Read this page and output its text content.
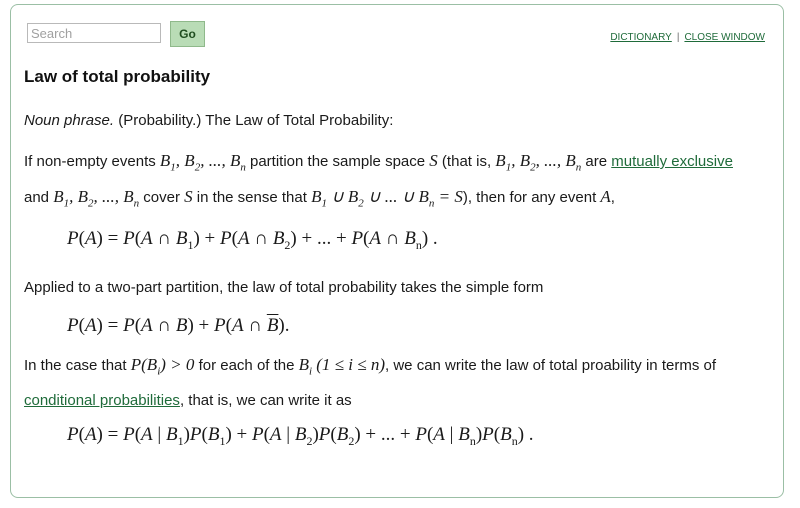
Search
Go	DICTIONARY | CLOSE WINDOW
Law of total probability

Noun phrase. (Probability.) The Law of Total Probability:

If non-empty events $B_1$, $B_2$, ..., $B_n$ partition the sample space S (that is, $B_1$, $B_2$, ..., $B_n$ are mutually exclusive
and $B_1$, $B_2$, ..., $B_n$ cover S in the sense that $B_1$ ∪ $B_2$ ∪ ... ∪ $B_n = S$), then for any event A,

P(A) = P(A ∩ $B_1) + P(A$ ∩ $B_2$) + ... + P(A ∩ $B_n$) .

Applied to a two-part partition, the law of total probability takes the simple form

P(A) = P(A ∩ B) + P(A ∩ $\overline{B}$).

In the case that $P(B_i) > 0$ for each of the $B_i$ (1 ≤ i ≤ n), we can write the law of total proability in terms of conditional probabilities, that is, we can write it as

P(A) = P(A | $B_1)P(B_1) + P(A$ | $B_2)P(B_2)$ + ... + P(A | $B_n)P(B_n)$ .
